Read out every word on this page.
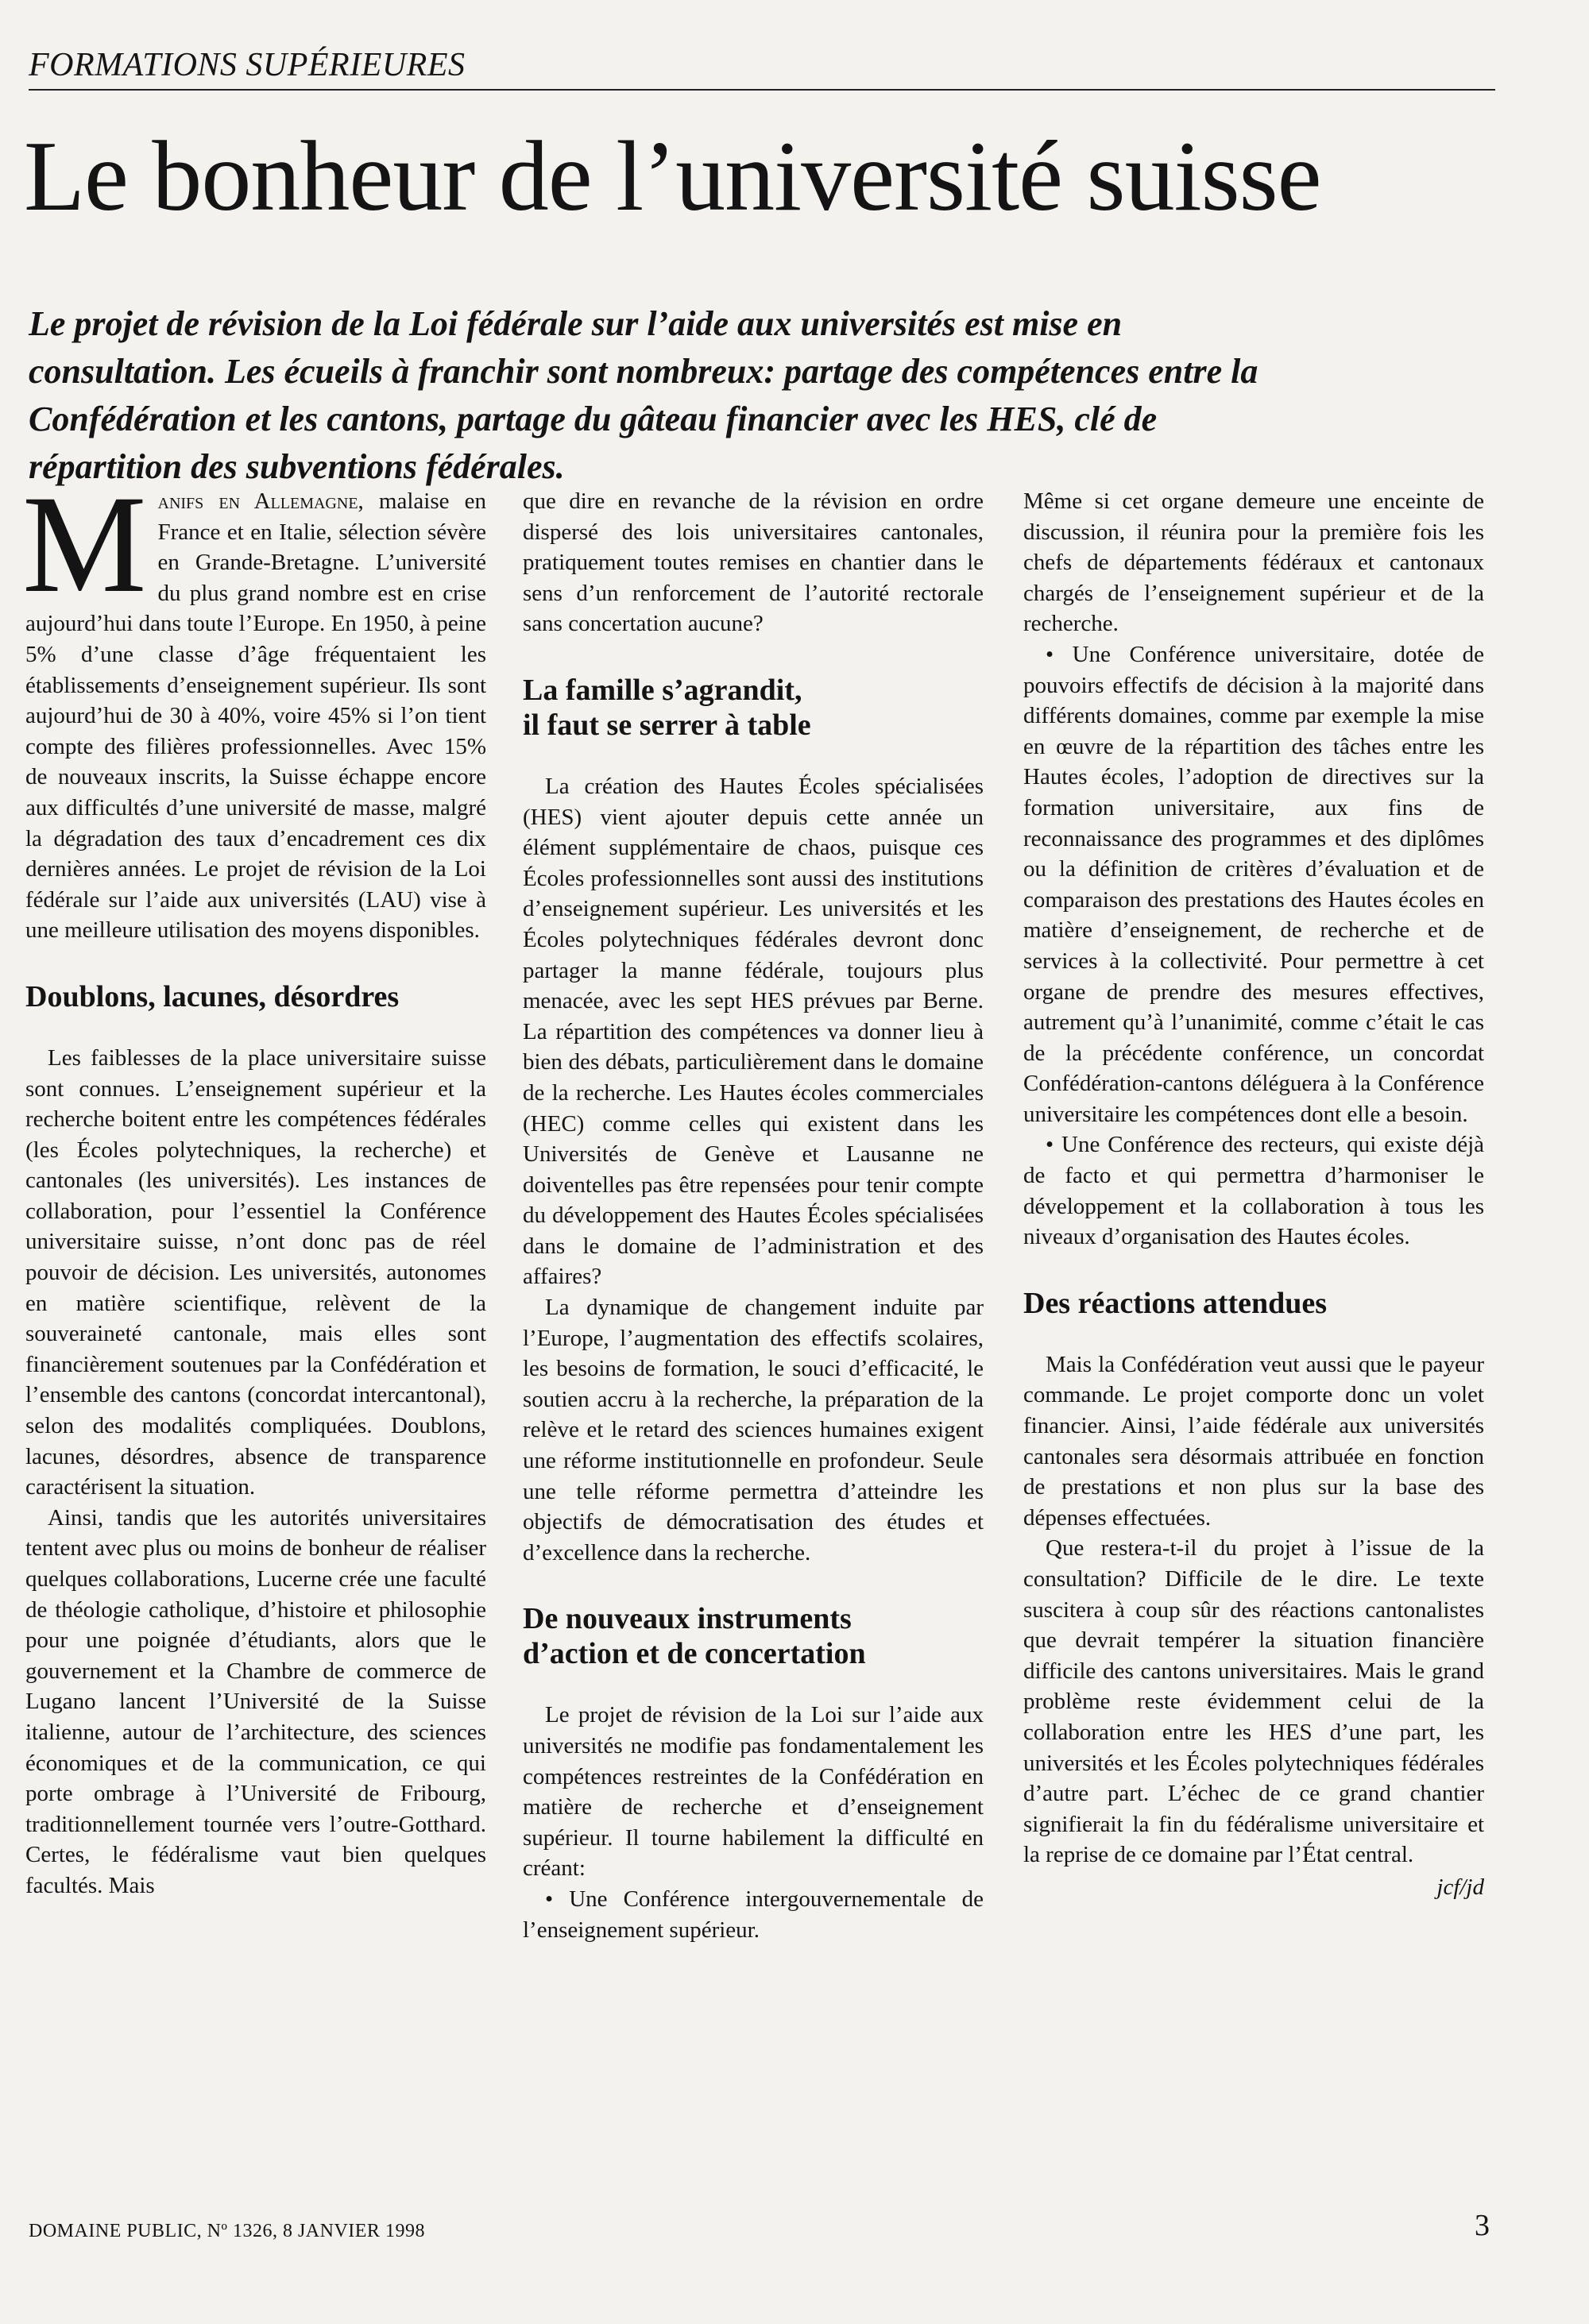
FORMATIONS SUPÉRIEURES
Le bonheur de l’université suisse

Le projet de révision de la Loi fédérale sur l’aide aux universités est mise en consultation. Les écueils à franchir sont nombreux: partage des compétences entre la Confédération et les cantons, partage du gâteau financier avec les HES, clé de répartition des subventions fédérales.

Manifs en Allemagne, malaise en France et en Italie, sélection sévère en Grande-Bretagne. L’université du plus grand nombre est en crise aujourd’hui dans toute l’Europe. En 1950, à peine 5% d’une classe d’âge fréquentaient les établissements d’enseignement supérieur. Ils sont aujourd’hui de 30 à 40%, voire 45% si l’on tient compte des filières professionnelles. Avec 15% de nouveaux inscrits, la Suisse échappe encore aux difficultés d’une université de masse, malgré la dégradation des taux d’encadrement ces dix dernières années. Le projet de révision de la Loi fédérale sur l’aide aux universités (LAU) vise à une meilleure utilisation des moyens disponibles.

Doublons, lacunes, désordres

Les faiblesses de la place universitaire suisse sont connues. L’enseignement supérieur et la recherche boitent entre les compétences fédérales (les Écoles polytechniques, la recherche) et cantonales (les universités). Les instances de collaboration, pour l’essentiel la Conférence universitaire suisse, n’ont donc pas de réel pouvoir de décision. Les universités, autonomes en matière scientifique, relèvent de la souveraineté cantonale, mais elles sont financièrement soutenues par la Confédération et l’ensemble des cantons (concordat intercantonal), selon des modalités compliquées. Doublons, lacunes, désordres, absence de transparence caractérisent la situation.

Ainsi, tandis que les autorités universitaires tentent avec plus ou moins de bonheur de réaliser quelques collaborations, Lucerne crée une faculté de théologie catholique, d’histoire et philosophie pour une poignée d’étudiants, alors que le gouvernement et la Chambre de commerce de Lugano lancent l’Université de la Suisse italienne, autour de l’architecture, des sciences économiques et de la communication, ce qui porte ombrage à l’Université de Fribourg, traditionnellement tournée vers l’outre-Gotthard. Certes, le fédéralisme vaut bien quelques facultés. Mais

que dire en revanche de la révision en ordre dispersé des lois universitaires cantonales, pratiquement toutes remises en chantier dans le sens d’un renforcement de l’autorité rectorale sans concertation aucune?

La famille s’agrandit,
il faut se serrer à table

La création des Hautes Écoles spécialisées (HES) vient ajouter depuis cette année un élément supplémentaire de chaos, puisque ces Écoles professionnelles sont aussi des institutions d’enseignement supérieur. Les universités et les Écoles polytechniques fédérales devront donc partager la manne fédérale, toujours plus menacée, avec les sept HES prévues par Berne. La répartition des compétences va donner lieu à bien des débats, particulièrement dans le domaine de la recherche. Les Hautes écoles commerciales (HEC) comme celles qui existent dans les Universités de Genève et Lausanne ne doiventelles pas être repensées pour tenir compte du développement des Hautes Écoles spécialisées dans le domaine de l’administration et des affaires?

La dynamique de changement induite par l’Europe, l’augmentation des effectifs scolaires, les besoins de formation, le souci d’efficacité, le soutien accru à la recherche, la préparation de la relève et le retard des sciences humaines exigent une réforme institutionnelle en profondeur. Seule une telle réforme permettra d’atteindre les objectifs de démocratisation des études et d’excellence dans la recherche.

De nouveaux instruments
d’action et de concertation

Le projet de révision de la Loi sur l’aide aux universités ne modifie pas fondamentalement les compétences restreintes de la Confédération en matière de recherche et d’enseignement supérieur. Il tourne habilement la difficulté en créant:

• Une Conférence intergouvernementale de l’enseignement supérieur.

Même si cet organe demeure une enceinte de discussion, il réunira pour la première fois les chefs de départements fédéraux et cantonaux chargés de l’enseignement supérieur et de la recherche.

• Une Conférence universitaire, dotée de pouvoirs effectifs de décision à la majorité dans différents domaines, comme par exemple la mise en œuvre de la répartition des tâches entre les Hautes écoles, l’adoption de directives sur la formation universitaire, aux fins de reconnaissance des programmes et des diplômes ou la définition de critères d’évaluation et de comparaison des prestations des Hautes écoles en matière d’enseignement, de recherche et de services à la collectivité. Pour permettre à cet organe de prendre des mesures effectives, autrement qu’à l’unanimité, comme c’était le cas de la précédente conférence, un concordat Confédération-cantons déléguera à la Conférence universitaire les compétences dont elle a besoin.

• Une Conférence des recteurs, qui existe déjà de facto et qui permettra d’harmoniser le développement et la collaboration à tous les niveaux d’organisation des Hautes écoles.

Des réactions attendues

Mais la Confédération veut aussi que le payeur commande. Le projet comporte donc un volet financier. Ainsi, l’aide fédérale aux universités cantonales sera désormais attribuée en fonction de prestations et non plus sur la base des dépenses effectuées.

Que restera-t-il du projet à l’issue de la consultation? Difficile de le dire. Le texte suscitera à coup sûr des réactions cantonalistes que devrait tempérer la situation financière difficile des cantons universitaires. Mais le grand problème reste évidemment celui de la collaboration entre les HES d’une part, les universités et les Écoles polytechniques fédérales d’autre part. L’échec de ce grand chantier signifierait la fin du fédéralisme universitaire et la reprise de ce domaine par l’État central.

jcf/jd
DOMAINE PUBLIC, Nº 1326, 8 JANVIER 1998	3
